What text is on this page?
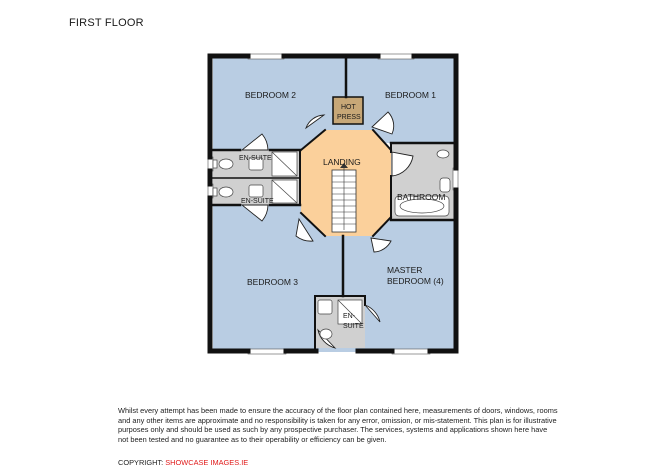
FIRST FLOOR
BEDROOM 2	BEDROOM 1
HOT
PRESS
LANDING
EN-SUITE
EN-SUITE	BATHROOM
BEDROOM 3
MASTER
BEDROOM (4)
EN-
SUITE
Whilst every attempt has been made to ensure the accuracy of the floor plan contained here, measurements of doors, windows, rooms and any other items are approximate and no responsibility is taken for any error, omission, or mis-statement. This plan is for illustrative purposes only and should be used as such by any prospective purchaser. The services, systems and applications shown here have not been tested and no guarantee as to their operability or efficiency can be given.
COPYRIGHT: SHOWCASE IMAGES.IE
